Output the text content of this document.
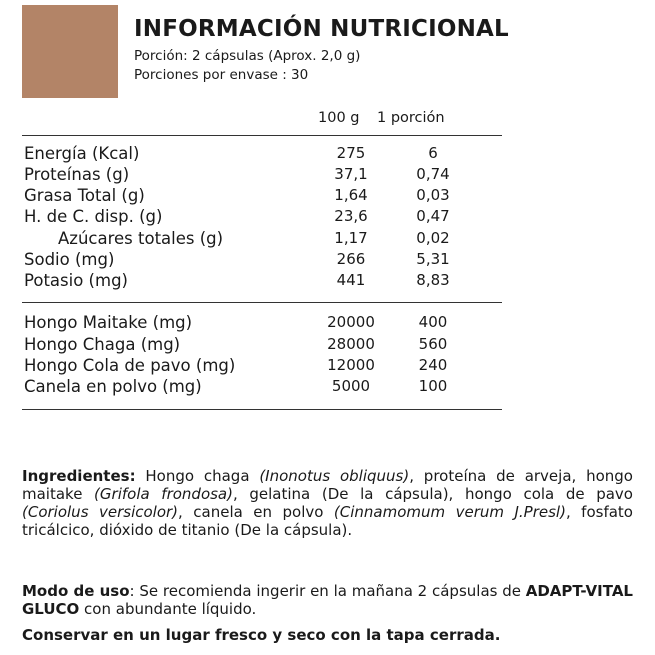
INFORMACIÓN NUTRICIONAL
Porción: 2 cápsulas (Aprox. 2,0 g)
Porciones por envase : 30
100 g 1 porción
Energía (Kcal)	275	6
Proteínas (g)	37,1	0,74
Grasa Total (g)	1,64	0,03
H. de C. disp. (g)	23,6	0,47
Azúcares totales (g)	1,17	0,02
Sodio (mg)	266	5,31
Potasio (mg)	441	8,83
Hongo Maitake (mg)	20000	400
Hongo Chaga (mg)	28000	560
Hongo Cola de pavo (mg)	12000	240
Canela en polvo (mg)	5000	100
Ingredientes: Hongo chaga (Inonotus obliquus), proteína de arveja, hongo maitake (Grifola frondosa), gelatina (De la cápsula), hongo cola de pavo (Coriolus versicolor), canela en polvo (Cinnamomum verum J.Presl), fosfato tricálcico, dióxido de titanio (De la cápsula).
Modo de uso: Se recomienda ingerir en la mañana 2 cápsulas de ADAPT-VITAL GLUCO con abundante líquido.
Conservar en un lugar fresco y seco con la tapa cerrada.
